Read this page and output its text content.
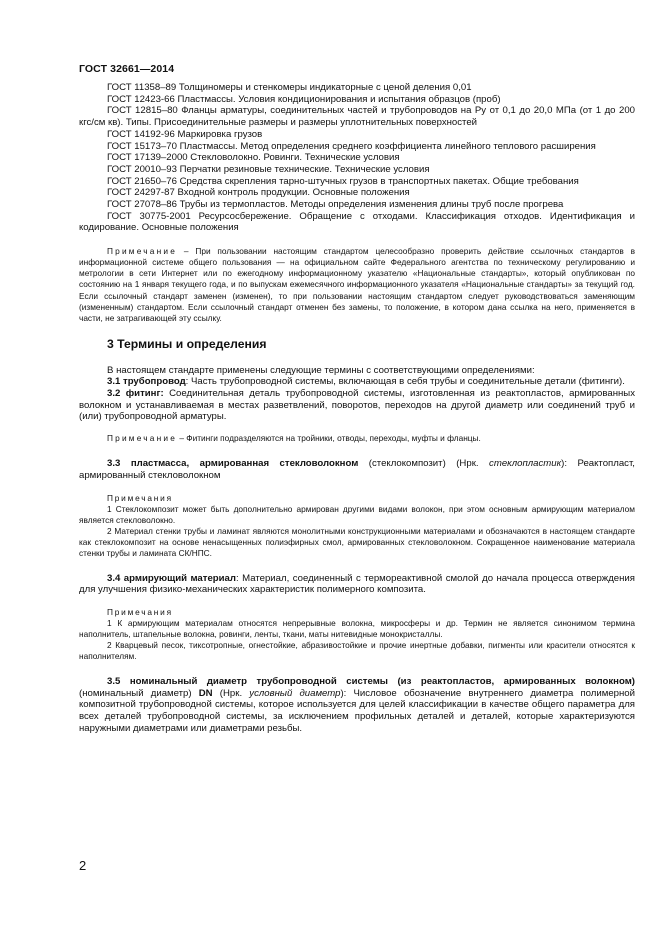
ГОСТ 32661—2014

ГОСТ 11358–89 Толщиномеры и стенкомеры индикаторные с ценой деления 0,01

ГОСТ 12423-66 Пластмассы. Условия кондиционирования и испытания образцов (проб)

ГОСТ 12815–80 Фланцы арматуры, соединительных частей и трубопроводов на Ру от 0,1 до 20,0 МПа (от 1 до 200 кгс/см кв). Типы. Присоединительные размеры и размеры уплотнительных поверхностей

ГОСТ 14192-96 Маркировка грузов

ГОСТ 15173–70 Пластмассы. Метод определения среднего коэффициента линейного теплового расширения

ГОСТ 17139–2000 Стекловолокно. Ровинги. Технические условия

ГОСТ 20010–93 Перчатки резиновые технические. Технические условия

ГОСТ 21650–76 Средства скрепления тарно-штучных грузов в транспортных пакетах. Общие требования

ГОСТ 24297-87 Входной контроль продукции. Основные положения

ГОСТ 27078–86 Трубы из термопластов. Методы определения изменения длины труб после прогрева

ГОСТ 30775-2001 Ресурсосбережение. Обращение с отходами. Классификация отходов. Идентификация и кодирование. Основные положения

Примечание – При пользовании настоящим стандартом целесообразно проверить действие ссылочных стандартов в информационной системе общего пользования — на официальном сайте Федерального агентства по техническому регулированию и метрологии в сети Интернет или по ежегодному информационному указателю «Национальные стандарты», который опубликован по состоянию на 1 января текущего года, и по выпускам ежемесячного информационного указателя «Национальные стандарты» за текущий год. Если ссылочный стандарт заменен (изменен), то при пользовании настоящим стандартом следует руководствоваться заменяющим (измененным) стандартом. Если ссылочный стандарт отменен без замены, то положение, в котором дана ссылка на него, применяется в части, не затрагивающей эту ссылку.

3 Термины и определения

В настоящем стандарте применены следующие термины с соответствующими определениями:

3.1 трубопровод: Часть трубопроводной системы, включающая в себя трубы и соединительные детали (фитинги).

3.2 фитинг: Соединительная деталь трубопроводной системы, изготовленная из реактопластов, армированных волокном и устанавливаемая в местах разветвлений, поворотов, переходов на другой диаметр или соединений труб и (или) трубопроводной арматуры.

Примечание – Фитинги подразделяются на тройники, отводы, переходы, муфты и фланцы.

3.3 пластмасса, армированная стекловолокном (стеклокомпозит) (Нрк. стеклопластик): Реактопласт, армированный стекловолокном

Примечания

1 Стеклокомпозит может быть дополнительно армирован другими видами волокон, при этом основным армирующим материалом является стекловолокно.

2 Материал стенки трубы и ламинат являются монолитными конструкционными материалами и обозначаются в настоящем стандарте как стеклокомпозит на основе ненасыщенных полиэфирных смол, армированных стекловолокном. Сокращенное наименование материала стенки трубы и ламината СК/НПС.

3.4 армирующий материал: Материал, соединенный с термореактивной смолой до начала процесса отверждения для улучшения физико-механических характеристик полимерного композита.

Примечания

1 К армирующим материалам относятся непрерывные волокна, микросферы и др. Термин не является синонимом термина наполнитель, штапельные волокна, ровинги, ленты, ткани, маты нитевидные монокристаллы.

2 Кварцевый песок, тиксотропные, огнестойкие, абразивостойкие и прочие инертные добавки, пигменты или красители относятся к наполнителям.

3.5 номинальный диаметр трубопроводной системы (из реактопластов, армированных волокном) (номинальный диаметр) DN (Нрк. условный диаметр): Числовое обозначение внутреннего диаметра полимерной композитной трубопроводной системы, которое используется для целей классификации в качестве общего параметра для всех деталей трубопроводной системы, за исключением профильных деталей и деталей, которые характеризуются наружными диаметрами или диаметрами резьбы.

2
